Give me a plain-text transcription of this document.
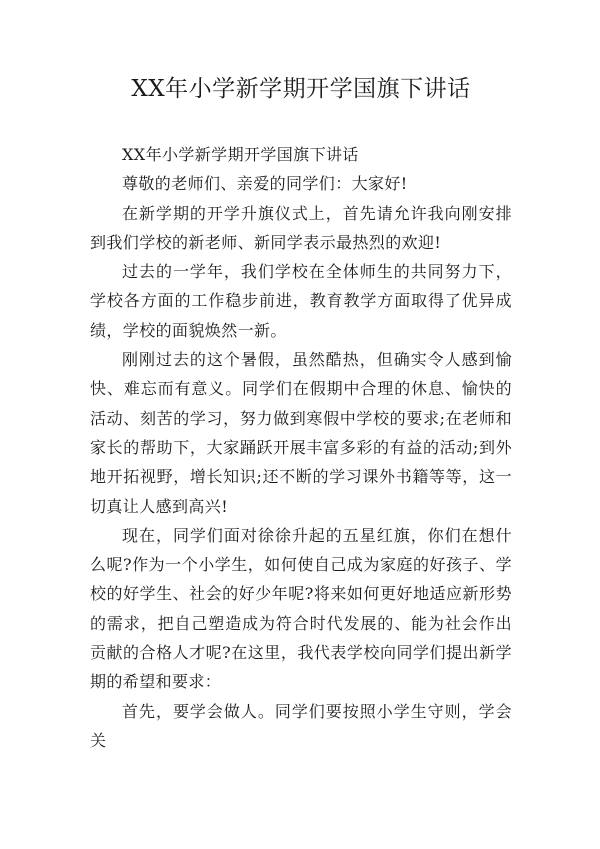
XX年小学新学期开学国旗下讲话

XX年小学新学期开学国旗下讲话

尊敬的老师们、亲爱的同学们：大家好!

在新学期的开学升旗仪式上，首先请允许我向刚安排到我们学校的新老师、新同学表示最热烈的欢迎!

过去的一学年，我们学校在全体师生的共同努力下，学校各方面的工作稳步前进，教育教学方面取得了优异成绩，学校的面貌焕然一新。

刚刚过去的这个暑假，虽然酷热，但确实令人感到愉快、难忘而有意义。同学们在假期中合理的休息、愉快的活动、刻苦的学习，努力做到寒假中学校的要求;在老师和家长的帮助下，大家踊跃开展丰富多彩的有益的活动;到外地开拓视野，增长知识;还不断的学习课外书籍等等，这一切真让人感到高兴!

现在，同学们面对徐徐升起的五星红旗，你们在想什么呢?作为一个小学生，如何使自己成为家庭的好孩子、学校的好学生、社会的好少年呢?将来如何更好地适应新形势的需求，把自己塑造成为符合时代发展的、能为社会作出贡献的合格人才呢?在这里，我代表学校向同学们提出新学期的希望和要求：

首先，要学会做人。同学们要按照小学生守则，学会关
